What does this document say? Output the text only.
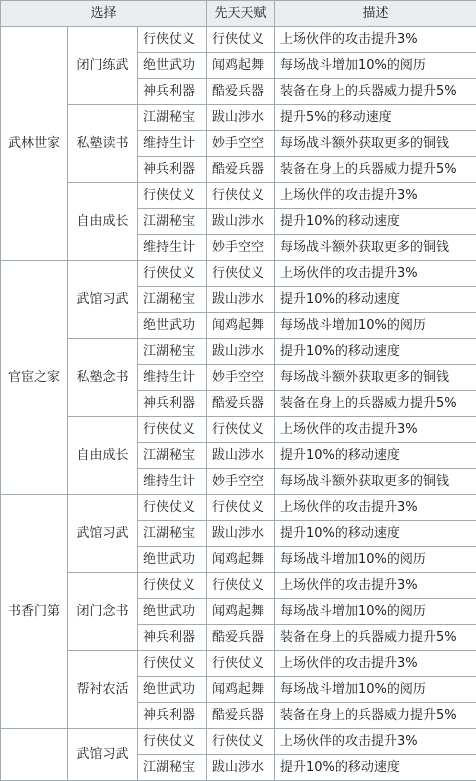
选择			先天天赋	描述
武林世家	闭门练武	行侠仗义	行侠仗义	上场伙伴的攻击提升3%
		绝世武功	闻鸡起舞	每场战斗增加10%的阅历
		神兵利器	酷爱兵器	装备在身上的兵器威力提升5%
	私塾读书	江湖秘宝	跋山涉水	提升5%的移动速度
		维持生计	妙手空空	每场战斗额外获取更多的铜钱
		神兵利器	酷爱兵器	装备在身上的兵器威力提升5%
	自由成长	行侠仗义	行侠仗义	上场伙伴的攻击提升3%
		江湖秘宝	跋山涉水	提升10%的移动速度
		维持生计	妙手空空	每场战斗额外获取更多的铜钱
官宦之家	武馆习武	行侠仗义	行侠仗义	上场伙伴的攻击提升3%
		江湖秘宝	跋山涉水	提升10%的移动速度
		绝世武功	闻鸡起舞	每场战斗增加10%的阅历
	私塾念书	江湖秘宝	跋山涉水	提升10%的移动速度
		维持生计	妙手空空	每场战斗额外获取更多的铜钱
		神兵利器	酷爱兵器	装备在身上的兵器威力提升5%
	自由成长	行侠仗义	行侠仗义	上场伙伴的攻击提升3%
		江湖秘宝	跋山涉水	提升10%的移动速度
		维持生计	妙手空空	每场战斗额外获取更多的铜钱
书香门第	武馆习武	行侠仗义	行侠仗义	上场伙伴的攻击提升3%
		江湖秘宝	跋山涉水	提升10%的移动速度
		绝世武功	闻鸡起舞	每场战斗增加10%的阅历
	闭门念书	行侠仗义	行侠仗义	上场伙伴的攻击提升3%
		绝世武功	闻鸡起舞	每场战斗增加10%的阅历
		神兵利器	酷爱兵器	装备在身上的兵器威力提升5%
	帮衬农活	行侠仗义	行侠仗义	上场伙伴的攻击提升3%
		绝世武功	闻鸡起舞	每场战斗增加10%的阅历
		神兵利器	酷爱兵器	装备在身上的兵器威力提升5%
	武馆习武	行侠仗义	行侠仗义	上场伙伴的攻击提升3%
		江湖秘宝	跋山涉水	提升10%的移动速度
